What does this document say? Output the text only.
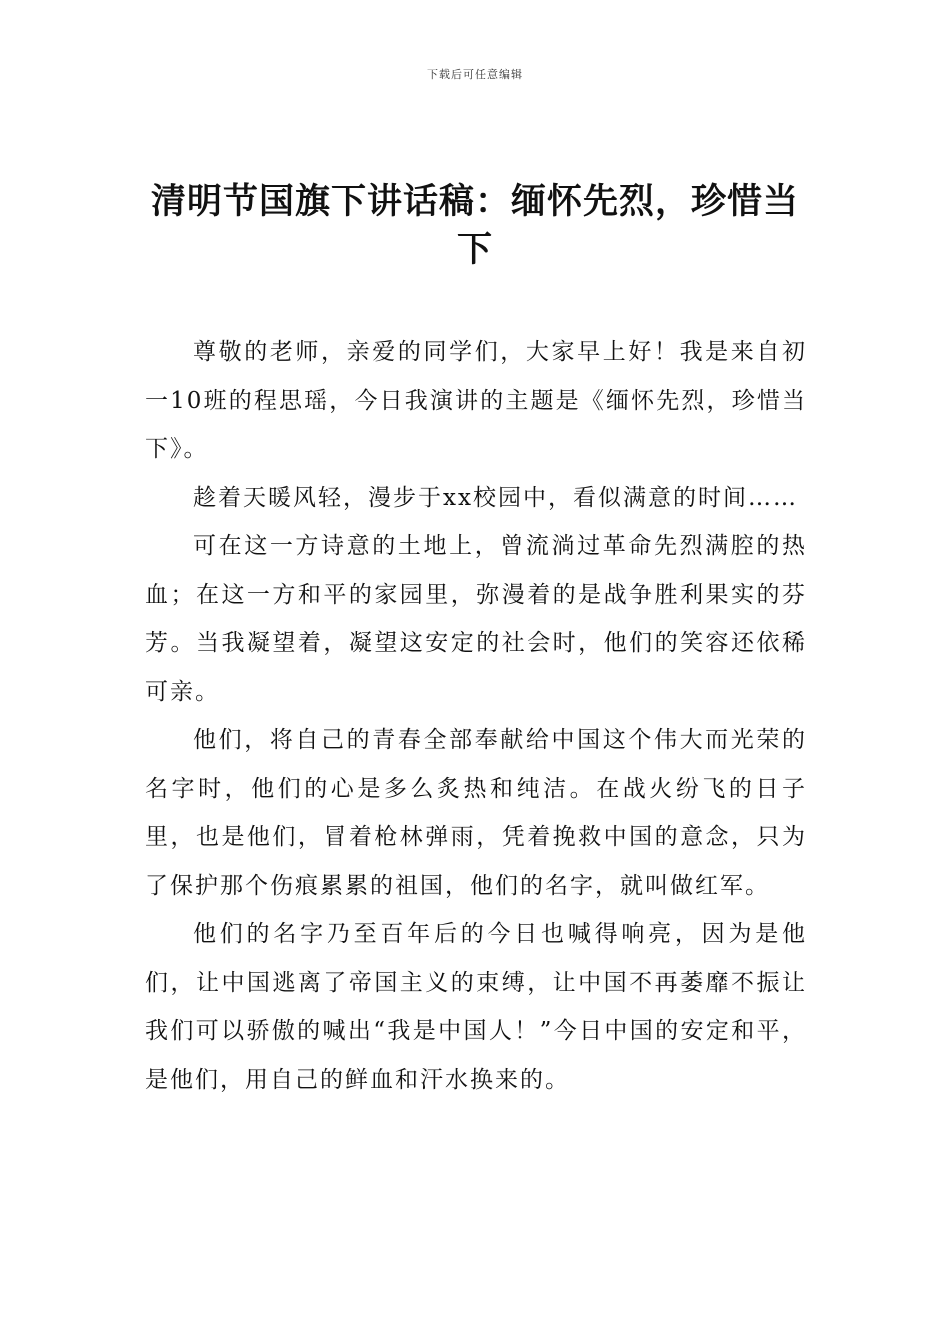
下载后可任意编辑
清明节国旗下讲话稿：缅怀先烈，珍惜当下

尊敬的老师，亲爱的同学们，大家早上好！我是来自初一10班的程思瑶，今日我演讲的主题是《缅怀先烈，珍惜当下》。

趁着天暖风轻，漫步于xx校园中，看似满意的时间……

可在这一方诗意的土地上，曾流淌过革命先烈满腔的热血；在这一方和平的家园里，弥漫着的是战争胜利果实的芬芳。当我凝望着，凝望这安定的社会时，他们的笑容还依稀可亲。

他们，将自己的青春全部奉献给中国这个伟大而光荣的名字时，他们的心是多么炙热和纯洁。在战火纷飞的日子里，也是他们，冒着枪林弹雨，凭着挽救中国的意念，只为了保护那个伤痕累累的祖国，他们的名字，就叫做红军。

他们的名字乃至百年后的今日也喊得响亮，因为是他们，让中国逃离了帝国主义的束缚，让中国不再萎靡不振让我们可以骄傲的喊出“我是中国人！”今日中国的安定和平，是他们，用自己的鲜血和汗水换来的。
